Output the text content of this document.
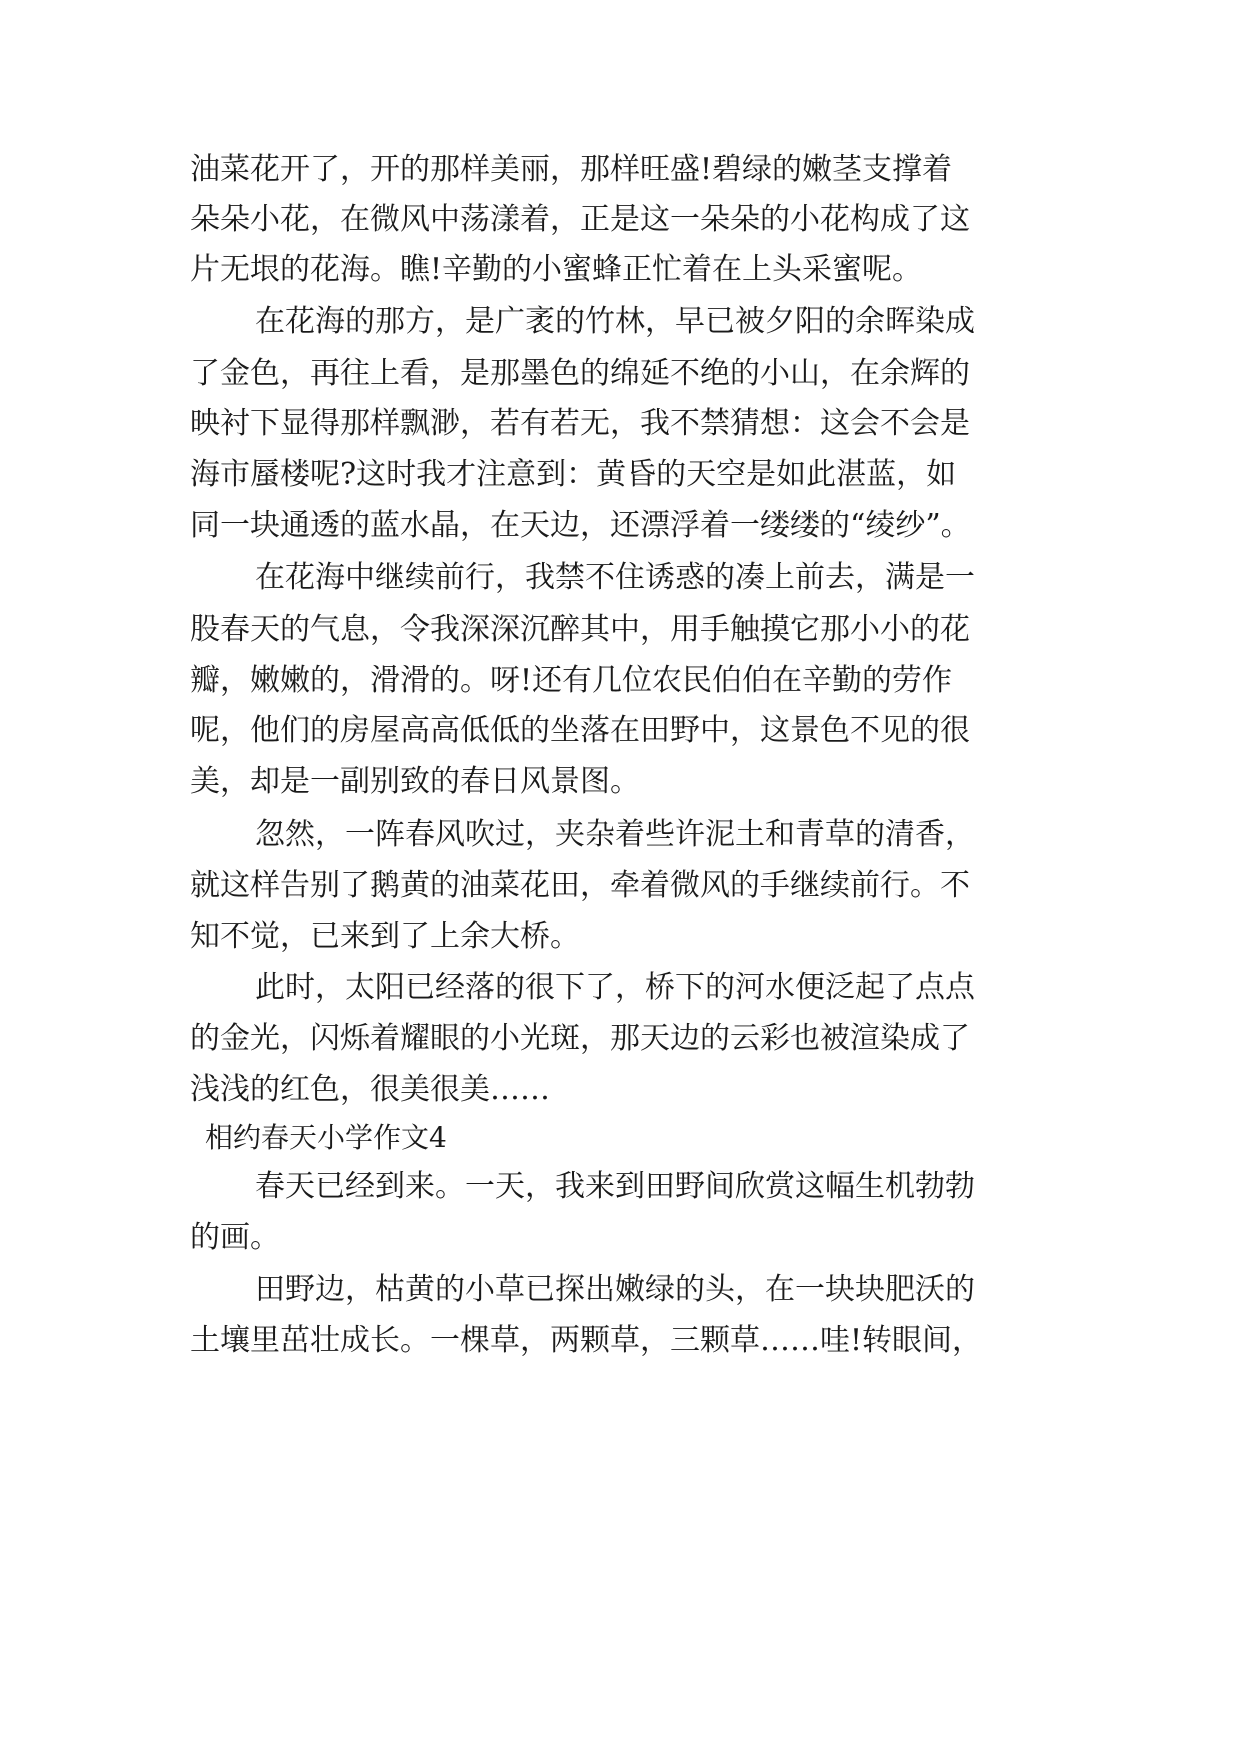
油菜花开了，开的那样美丽，那样旺盛!碧绿的嫩茎支撑着
朵朵小花，在微风中荡漾着，正是这一朵朵的小花构成了这
片无垠的花海。瞧!辛勤的小蜜蜂正忙着在上头采蜜呢。
在花海的那方，是广袤的竹林，早已被夕阳的余晖染成
了金色，再往上看，是那墨色的绵延不绝的小山，在余辉的
映衬下显得那样飘渺，若有若无，我不禁猜想：这会不会是
海市蜃楼呢?这时我才注意到：黄昏的天空是如此湛蓝，如
同一块通透的蓝水晶，在天边，还漂浮着一缕缕的“绫纱”。
在花海中继续前行，我禁不住诱惑的凑上前去，满是一
股春天的气息，令我深深沉醉其中，用手触摸它那小小的花
瓣，嫩嫩的，滑滑的。呀!还有几位农民伯伯在辛勤的劳作
呢，他们的房屋高高低低的坐落在田野中，这景色不见的很
美，却是一副别致的春日风景图。
忽然，一阵春风吹过，夹杂着些许泥土和青草的清香，
就这样告别了鹅黄的油菜花田，牵着微风的手继续前行。不
知不觉，已来到了上余大桥。
此时，太阳已经落的很下了，桥下的河水便泛起了点点
的金光，闪烁着耀眼的小光斑，那天边的云彩也被渲染成了
浅浅的红色，很美很美……
相约春天小学作文4
春天已经到来。一天，我来到田野间欣赏这幅生机勃勃
的画。
田野边，枯黄的小草已探出嫩绿的头，在一块块肥沃的
土壤里茁壮成长。一棵草，两颗草，三颗草……哇!转眼间，
